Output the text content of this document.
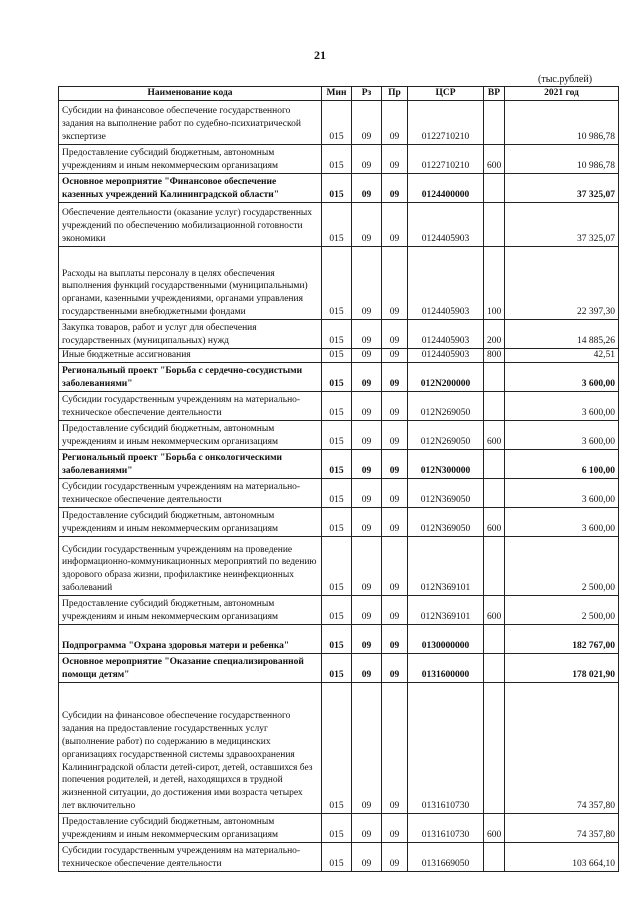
21
(тыс.рублей)
Наименование кода	Мин	Рз	Пр	ЦСР	ВР	2021 год
Субсидии на финансовое обеспечение государственного задания на выполнение работ по судебно-психиатрической экспертизе	015	09	09	0122710210		10 986,78
Предоставление субсидий бюджетным, автономным учреждениям и иным некоммерческим организациям	015	09	09	0122710210	600	10 986,78
Основное мероприятие "Финансовое обеспечение казенных учреждений Калининградской области"	015	09	09	0124400000		37 325,07
Обеспечение деятельности (оказание услуг) государственных учреждений по обеспечению мобилизационной готовности экономики	015	09	09	0124405903		37 325,07
Расходы на выплаты персоналу в целях обеспечения выполнения функций государственными (муниципальными) органами, казенными учреждениями, органами управления государственными внебюджетными фондами	015	09	09	0124405903	100	22 397,30
Закупка товаров, работ и услуг для обеспечения государственных (муниципальных) нужд	015	09	09	0124405903	200	14 885,26
Иные бюджетные ассигнования	015	09	09	0124405903	800	42,51
Региональный проект "Борьба с сердечно-сосудистыми заболеваниями"	015	09	09	012N200000		3 600,00
Субсидии государственным учреждениям на материально-техническое обеспечение деятельности	015	09	09	012N269050		3 600,00
Предоставление субсидий бюджетным, автономным учреждениям и иным некоммерческим организациям	015	09	09	012N269050	600	3 600,00
Региональный проект "Борьба с онкологическими заболеваниями"	015	09	09	012N300000		6 100,00
Субсидии государственным учреждениям на материально-техническое обеспечение деятельности	015	09	09	012N369050		3 600,00
Предоставление субсидий бюджетным, автономным учреждениям и иным некоммерческим организациям	015	09	09	012N369050	600	3 600,00
Субсидии государственным учреждениям на проведение информационно-коммуникационных мероприятий по ведению здорового образа жизни, профилактике неинфекционных заболеваний	015	09	09	012N369101		2 500,00
Предоставление субсидий бюджетным, автономным учреждениям и иным некоммерческим организациям	015	09	09	012N369101	600	2 500,00
Подпрограмма "Охрана здоровья матери и ребенка"	015	09	09	0130000000		182 767,00
Основное мероприятие "Оказание специализированной помощи детям"	015	09	09	0131600000		178 021,90
Субсидии на финансовое обеспечение государственного задания на предоставление государственных услуг (выполнение работ) по содержанию в медицинских организациях государственной системы здравоохранения Калининградской области детей-сирот, детей, оставшихся без попечения родителей, и детей, находящихся в трудной жизненной ситуации, до достижения ими возраста четырех лет включительно	015	09	09	0131610730		74 357,80
Предоставление субсидий бюджетным, автономным учреждениям и иным некоммерческим организациям	015	09	09	0131610730	600	74 357,80
Субсидии государственным учреждениям на материально-техническое обеспечение деятельности	015	09	09	0131669050		103 664,10
